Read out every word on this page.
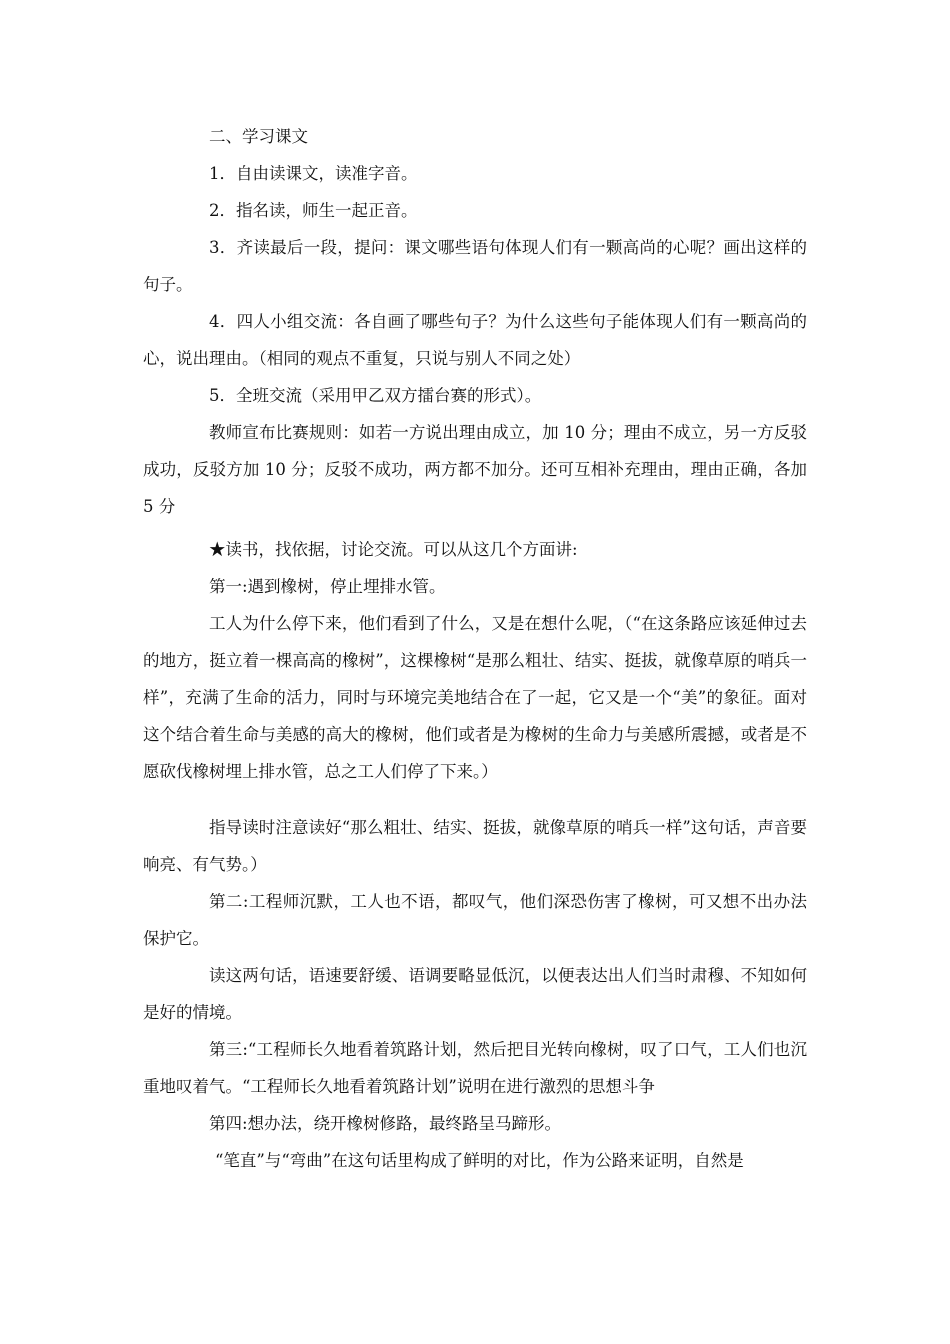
二、学习课文

1．自由读课文，读准字音。

2．指名读，师生一起正音。

3．齐读最后一段，提问：课文哪些语句体现人们有一颗高尚的心呢？画出这样的句子。

4．四人小组交流：各自画了哪些句子？为什么这些句子能体现人们有一颗高尚的心，说出理由。（相同的观点不重复，只说与别人不同之处）

5．全班交流（采用甲乙双方擂台赛的形式）。

教师宣布比赛规则：如若一方说出理由成立，加 10 分；理由不成立，另一方反驳成功，反驳方加 10 分；反驳不成功，两方都不加分。还可互相补充理由，理由正确，各加 5 分

★读书，找依据，讨论交流。可以从这几个方面讲:

第一:遇到橡树，停止埋排水管。

工人为什么停下来，他们看到了什么，又是在想什么呢，（“在这条路应该延伸过去的地方，挺立着一棵高高的橡树”，这棵橡树“是那么粗壮、结实、挺拔，就像草原的哨兵一样”，充满了生命的活力，同时与环境完美地结合在了一起，它又是一个“美”的象征。面对这个结合着生命与美感的高大的橡树，他们或者是为橡树的生命力与美感所震撼，或者是不愿砍伐橡树埋上排水管，总之工人们停了下来。）

指导读时注意读好“那么粗壮、结实、挺拔，就像草原的哨兵一样”这句话，声音要响亮、有气势。）

第二:工程师沉默，工人也不语，都叹气，他们深恐伤害了橡树，可又想不出办法保护它。

读这两句话，语速要舒缓、语调要略显低沉，以便表达出人们当时肃穆、不知如何是好的情境。

第三:“工程师长久地看着筑路计划，然后把目光转向橡树，叹了口气，工人们也沉重地叹着气。“工程师长久地看着筑路计划”说明在进行激烈的思想斗争

第四:想办法，绕开橡树修路，最终路呈马蹄形。

“笔直”与“弯曲”在这句话里构成了鲜明的对比，作为公路来证明，自然是
